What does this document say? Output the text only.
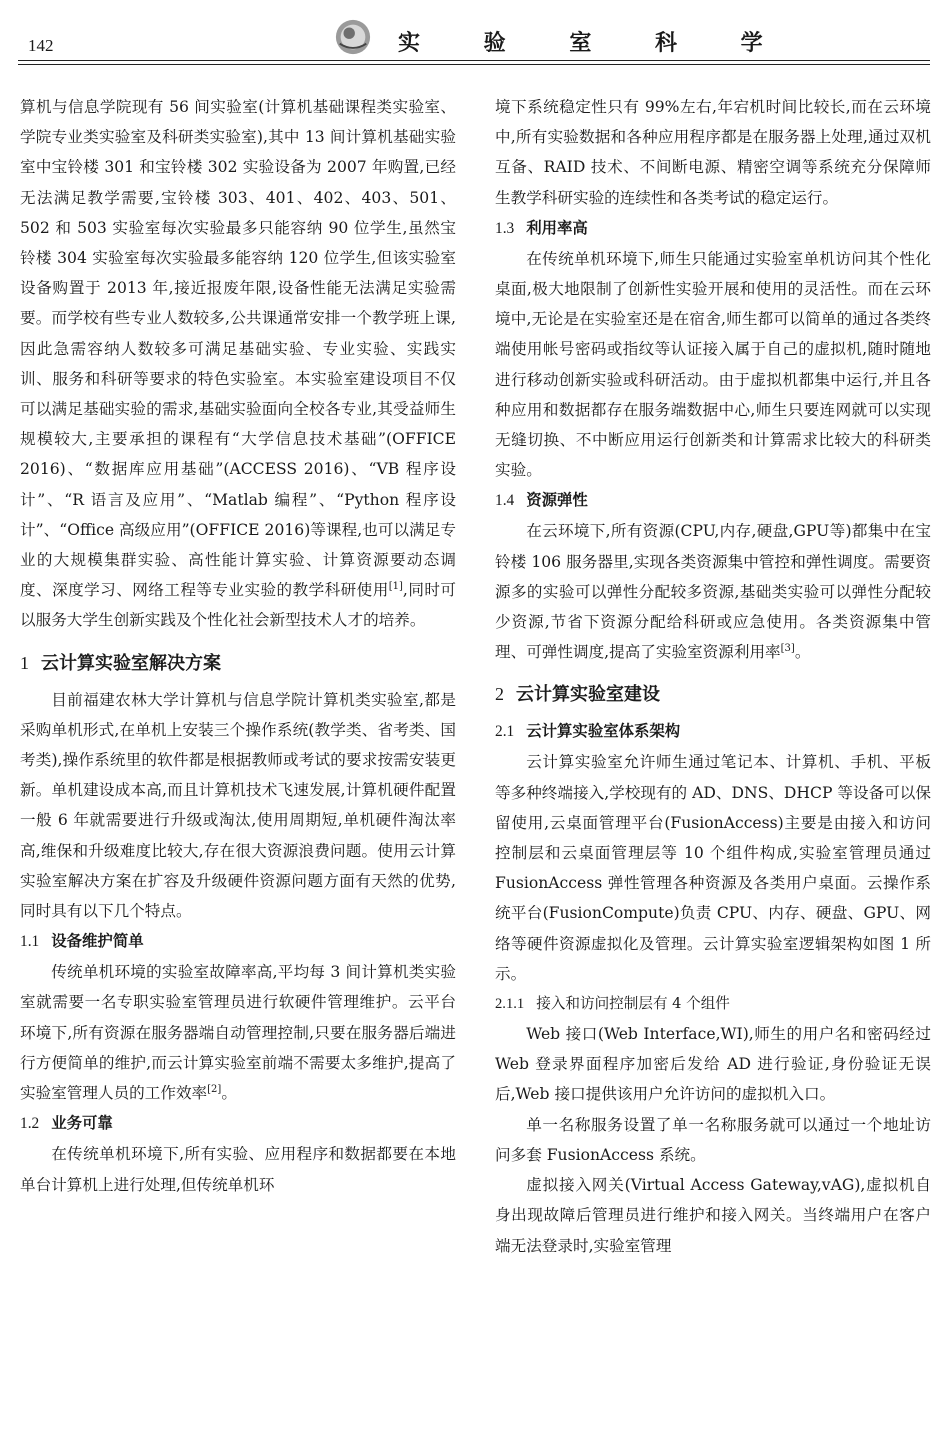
142	实 验 室 科 学

算机与信息学院现有 56 间实验室(计算机基础课程类实验室、学院专业类实验室及科研类实验室),其中 13 间计算机基础实验室中宝铃楼 301 和宝铃楼 302 实验设备为 2007 年购置,已经无法满足教学需要,宝铃楼 303、401、402、403、501、502 和 503 实验室每次实验最多只能容纳 90 位学生,虽然宝铃楼 304 实验室每次实验最多能容纳 120 位学生,但该实验室设备购置于 2013 年,接近报废年限,设备性能无法满足实验需要。而学校有些专业人数较多,公共课通常安排一个教学班上课,因此急需容纳人数较多可满足基础实验、专业实验、实践实训、服务和科研等要求的特色实验室。本实验室建设项目不仅可以满足基础实验的需求,基础实验面向全校各专业,其受益师生规模较大,主要承担的课程有“大学信息技术基础”(OFFICE 2016)、“数据库应用基础”(ACCESS 2016)、“VB 程序设计”、“R 语言及应用”、“Matlab 编程”、“Python 程序设计”、“Office 高级应用”(OFFICE 2016)等课程,也可以满足专业的大规模集群实验、高性能计算实验、计算资源要动态调度、深度学习、网络工程等专业实验的教学科研使用[1],同时可以服务大学生创新实践及个性化社会新型技术人才的培养。

1 云计算实验室解决方案

目前福建农林大学计算机与信息学院计算机类实验室,都是采购单机形式,在单机上安装三个操作系统(教学类、省考类、国考类),操作系统里的软件都是根据教师或考试的要求按需安装更新。单机建设成本高,而且计算机技术飞速发展,计算机硬件配置一般 6 年就需要进行升级或淘汰,使用周期短,单机硬件淘汰率高,维保和升级难度比较大,存在很大资源浪费问题。使用云计算实验室解决方案在扩容及升级硬件资源问题方面有天然的优势,同时具有以下几个特点。

1.1 设备维护简单

传统单机环境的实验室故障率高,平均每 3 间计算机类实验室就需要一名专职实验室管理员进行软硬件管理维护。云平台环境下,所有资源在服务器端自动管理控制,只要在服务器后端进行方便简单的维护,而云计算实验室前端不需要太多维护,提高了实验室管理人员的工作效率[2]。

1.2 业务可靠

在传统单机环境下,所有实验、应用程序和数据都要在本地单台计算机上进行处理,但传统单机环

境下系统稳定性只有 99%左右,年宕机时间比较长,而在云环境中,所有实验数据和各种应用程序都是在服务器上处理,通过双机互备、RAID 技术、不间断电源、精密空调等系统充分保障师生教学科研实验的连续性和各类考试的稳定运行。

1.3 利用率高

在传统单机环境下,师生只能通过实验室单机访问其个性化桌面,极大地限制了创新性实验开展和使用的灵活性。而在云环境中,无论是在实验室还是在宿舍,师生都可以简单的通过各类终端使用帐号密码或指纹等认证接入属于自己的虚拟机,随时随地进行移动创新实验或科研活动。由于虚拟机都集中运行,并且各种应用和数据都存在服务端数据中心,师生只要连网就可以实现无缝切换、不中断应用运行创新类和计算需求比较大的科研类实验。

1.4 资源弹性

在云环境下,所有资源(CPU,内存,硬盘,GPU等)都集中在宝铃楼 106 服务器里,实现各类资源集中管控和弹性调度。需要资源多的实验可以弹性分配较多资源,基础类实验可以弹性分配较少资源,节省下资源分配给科研或应急使用。各类资源集中管理、可弹性调度,提高了实验室资源利用率[3]。

2 云计算实验室建设
2.1 云计算实验室体系架构

云计算实验室允许师生通过笔记本、计算机、手机、平板等多种终端接入,学校现有的 AD、DNS、DHCP 等设备可以保留使用,云桌面管理平台(FusionAccess)主要是由接入和访问控制层和云桌面管理层等 10 个组件构成,实验室管理员通过 FusionAccess 弹性管理各种资源及各类用户桌面。云操作系统平台(FusionCompute)负责 CPU、内存、硬盘、GPU、网络等硬件资源虚拟化及管理。云计算实验室逻辑架构如图 1 所示。

2.1.1 接入和访问控制层有 4 个组件

Web 接口(Web Interface,WI),师生的用户名和密码经过 Web 登录界面程序加密后发给 AD 进行验证,身份验证无误后,Web 接口提供该用户允许访问的虚拟机入口。

单一名称服务设置了单一名称服务就可以通过一个地址访问多套 FusionAccess 系统。

虚拟接入网关(Virtual Access Gateway,vAG),虚拟机自身出现故障后管理员进行维护和接入网关。当终端用户在客户端无法登录时,实验室管理
